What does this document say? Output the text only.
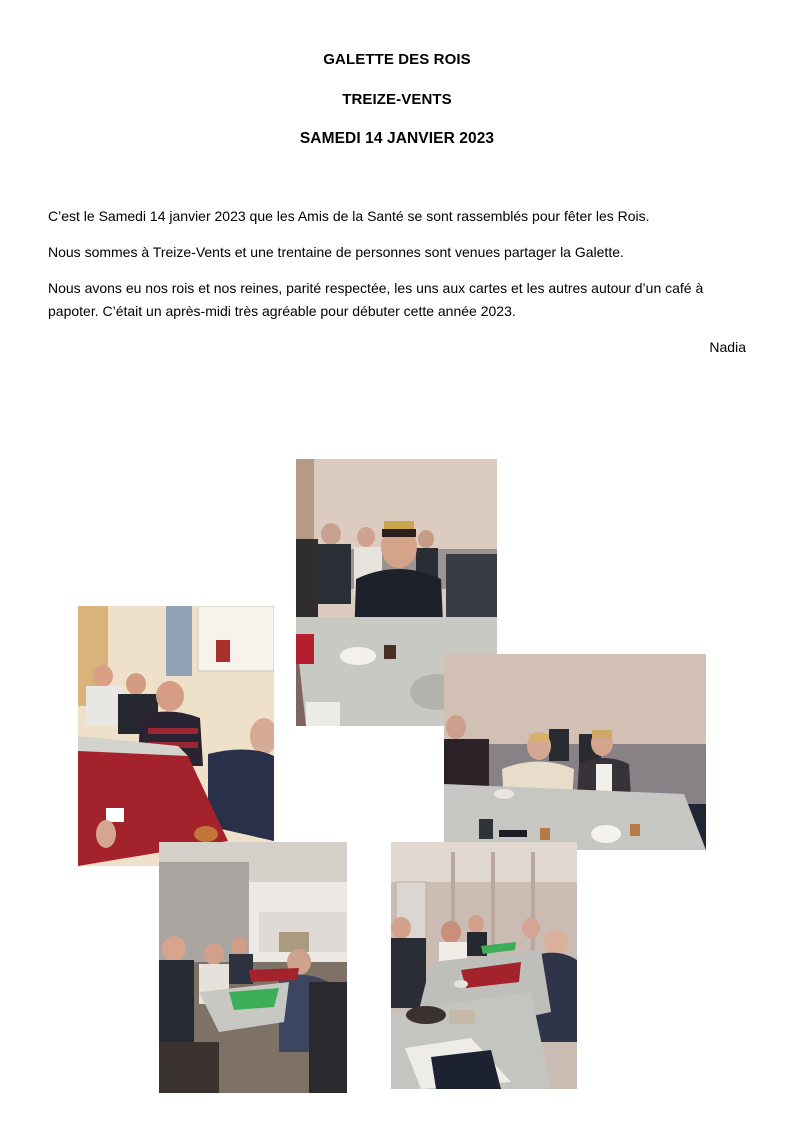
GALETTE DES ROIS
TREIZE-VENTS
SAMEDI 14 JANVIER 2023

C’est le Samedi 14 janvier 2023 que les Amis de la Santé se sont rassemblés pour fêter les Rois.

Nous sommes à Treize-Vents et une trentaine de personnes sont venues partager la Galette.

Nous avons eu nos rois et nos reines, parité respectée, les uns aux cartes et les autres autour d’un café à papoter. C’était un après-midi très agréable pour débuter cette année 2023.

Nadia
